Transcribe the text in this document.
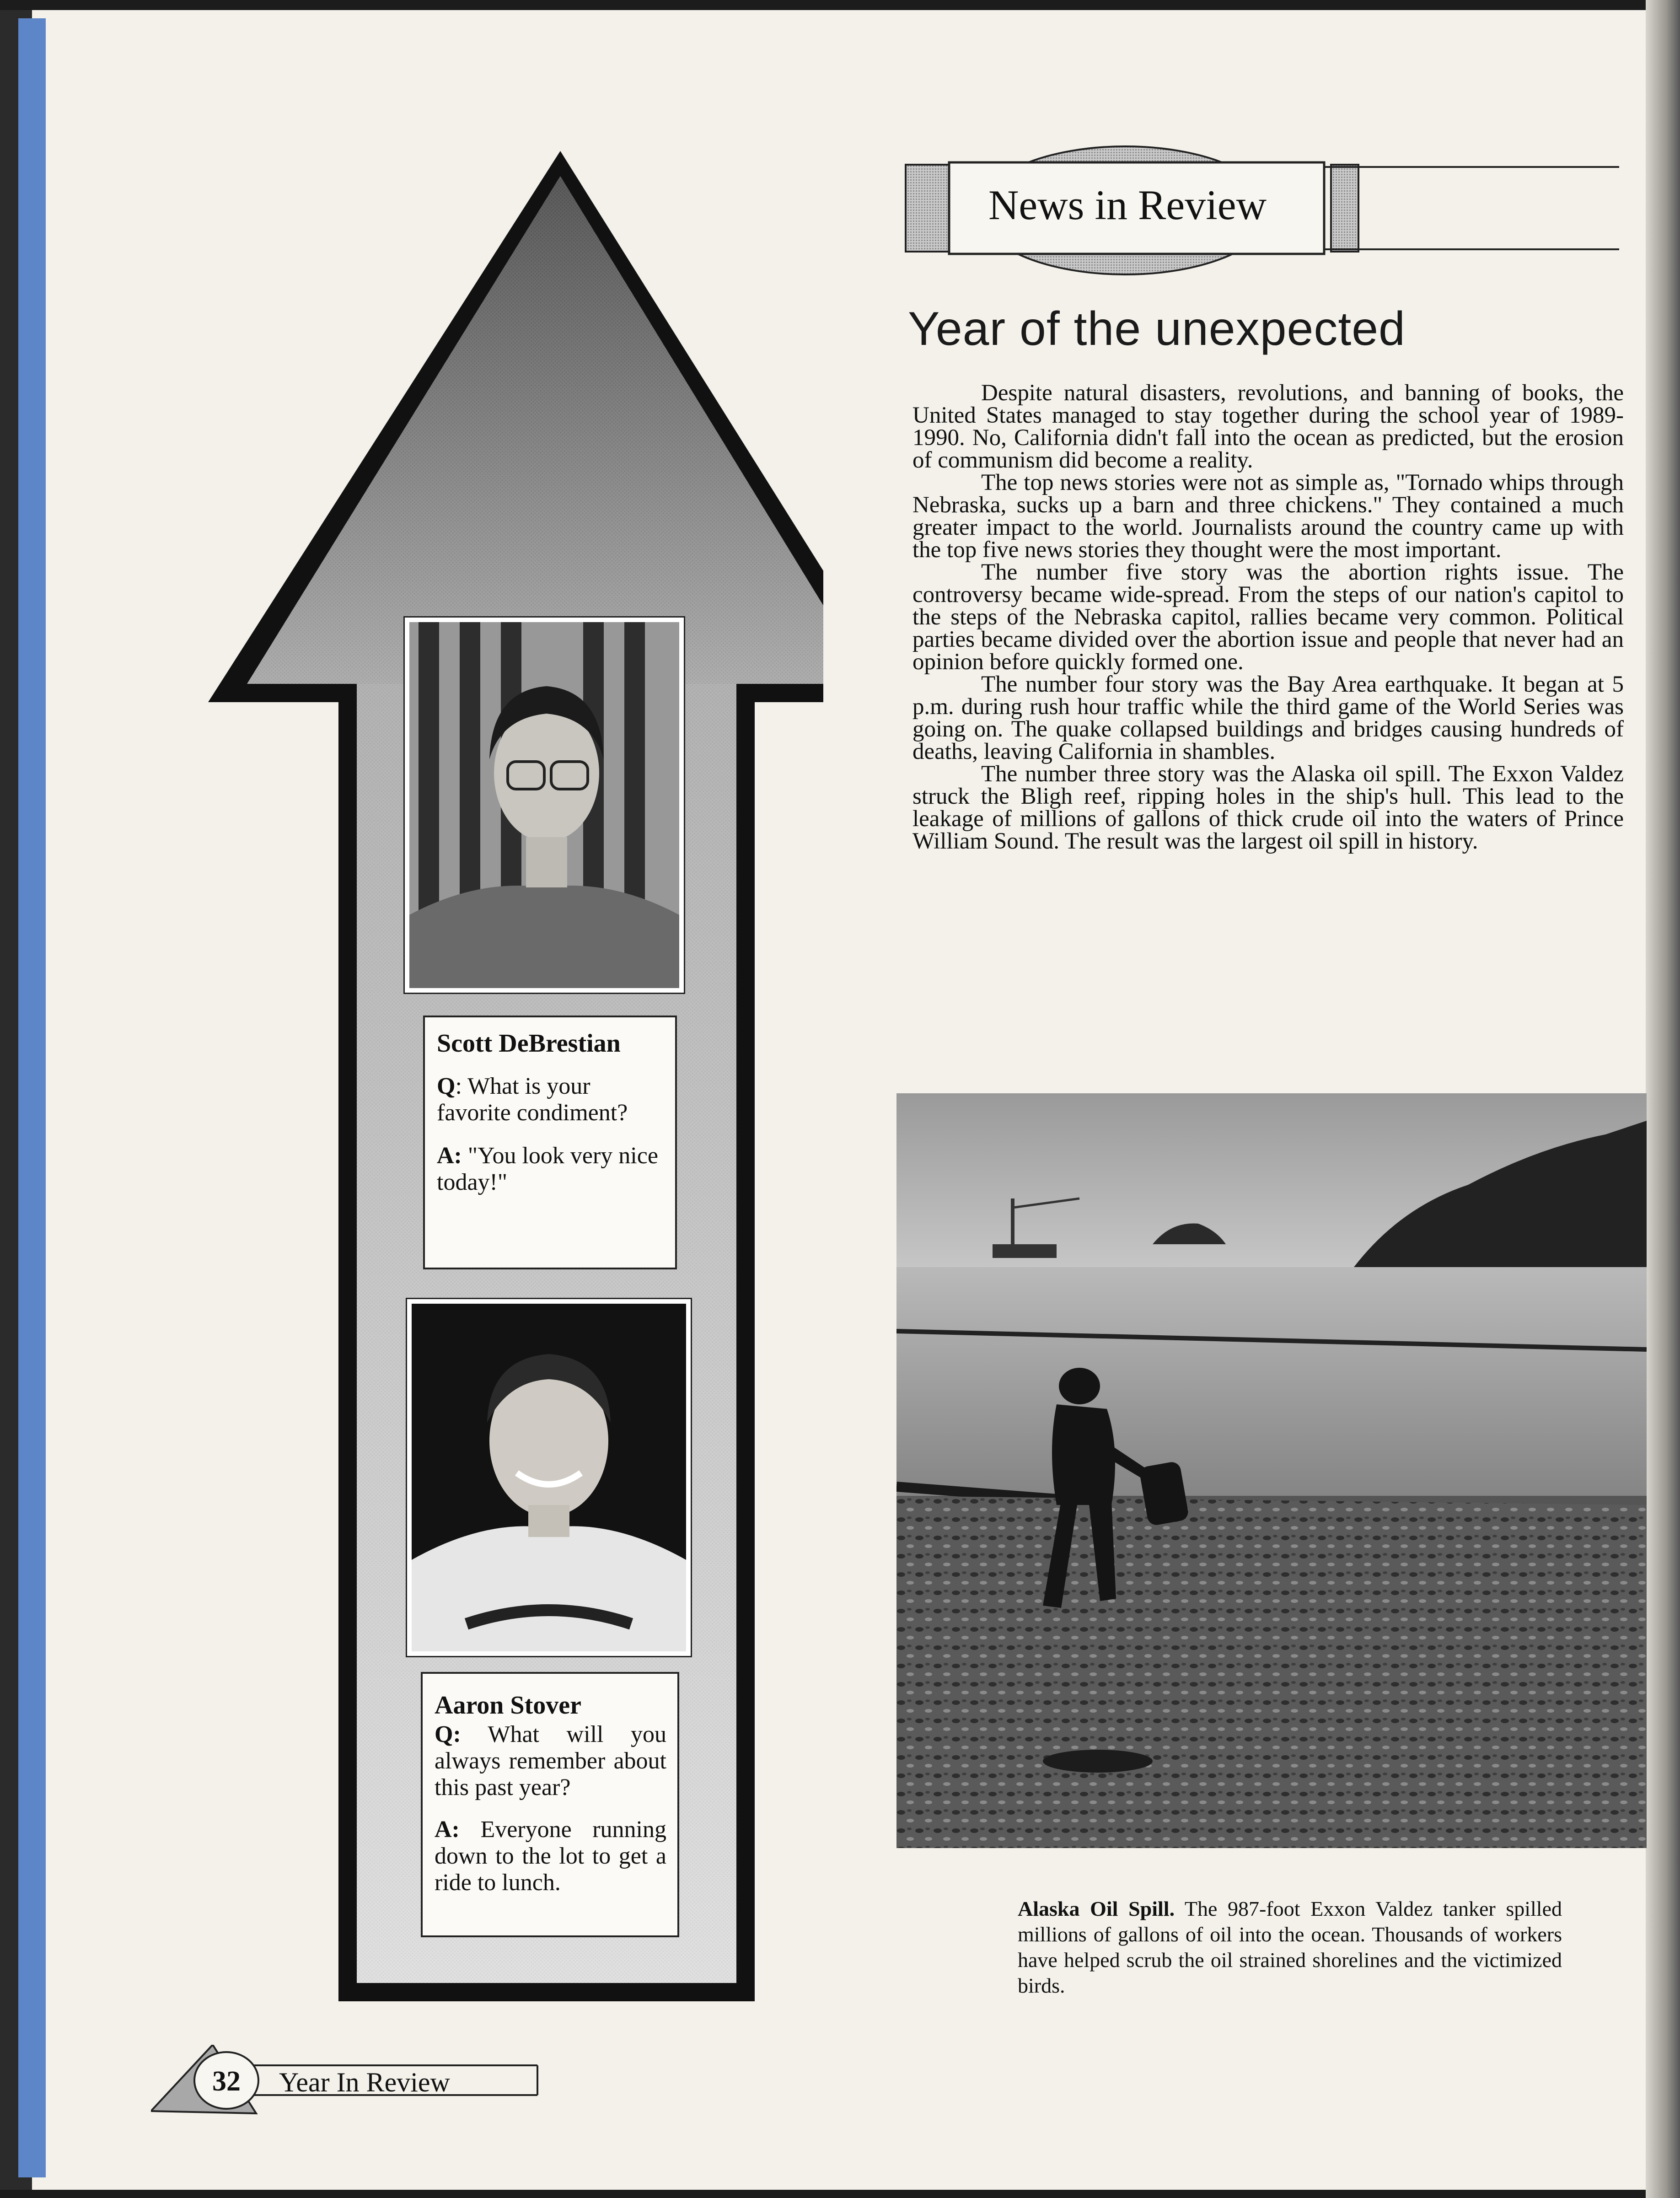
Scott DeBrestian
Q: What is your favorite condiment?
A: "You look very nice today!"
Aaron Stover
Q: What will you always remember about this past year?
A: Everyone running down to the lot to get a ride to lunch.
News in Review
Year of the unexpected

Despite natural disasters, revolutions, and banning of books, the United States managed to stay together during the school year of 1989-1990. No, California didn't fall into the ocean as predicted, but the erosion of communism did become a reality.

The top news stories were not as simple as, "Tornado whips through Nebraska, sucks up a barn and three chickens." They contained a much greater impact to the world. Journalists around the country came up with the top five news stories they thought were the most important.

The number five story was the abortion rights issue. The controversy became wide-spread. From the steps of our nation's capitol to the steps of the Nebraska capitol, rallies became very common. Political parties became divided over the abortion issue and people that never had an opinion before quickly formed one.

The number four story was the Bay Area earthquake. It began at 5 p.m. during rush hour traffic while the third game of the World Series was going on. The quake collapsed buildings and bridges causing hundreds of deaths, leaving California in shambles.

The number three story was the Alaska oil spill. The Exxon Valdez struck the Bligh reef, ripping holes in the ship's hull. This lead to the leakage of millions of gallons of thick crude oil into the waters of Prince William Sound. The result was the largest oil spill in history.

Alaska Oil Spill. The 987-foot Exxon Valdez tanker spilled millions of gallons of oil into the ocean. Thousands of workers have helped scrub the oil strained shorelines and the victimized birds.
32	Year In Review
